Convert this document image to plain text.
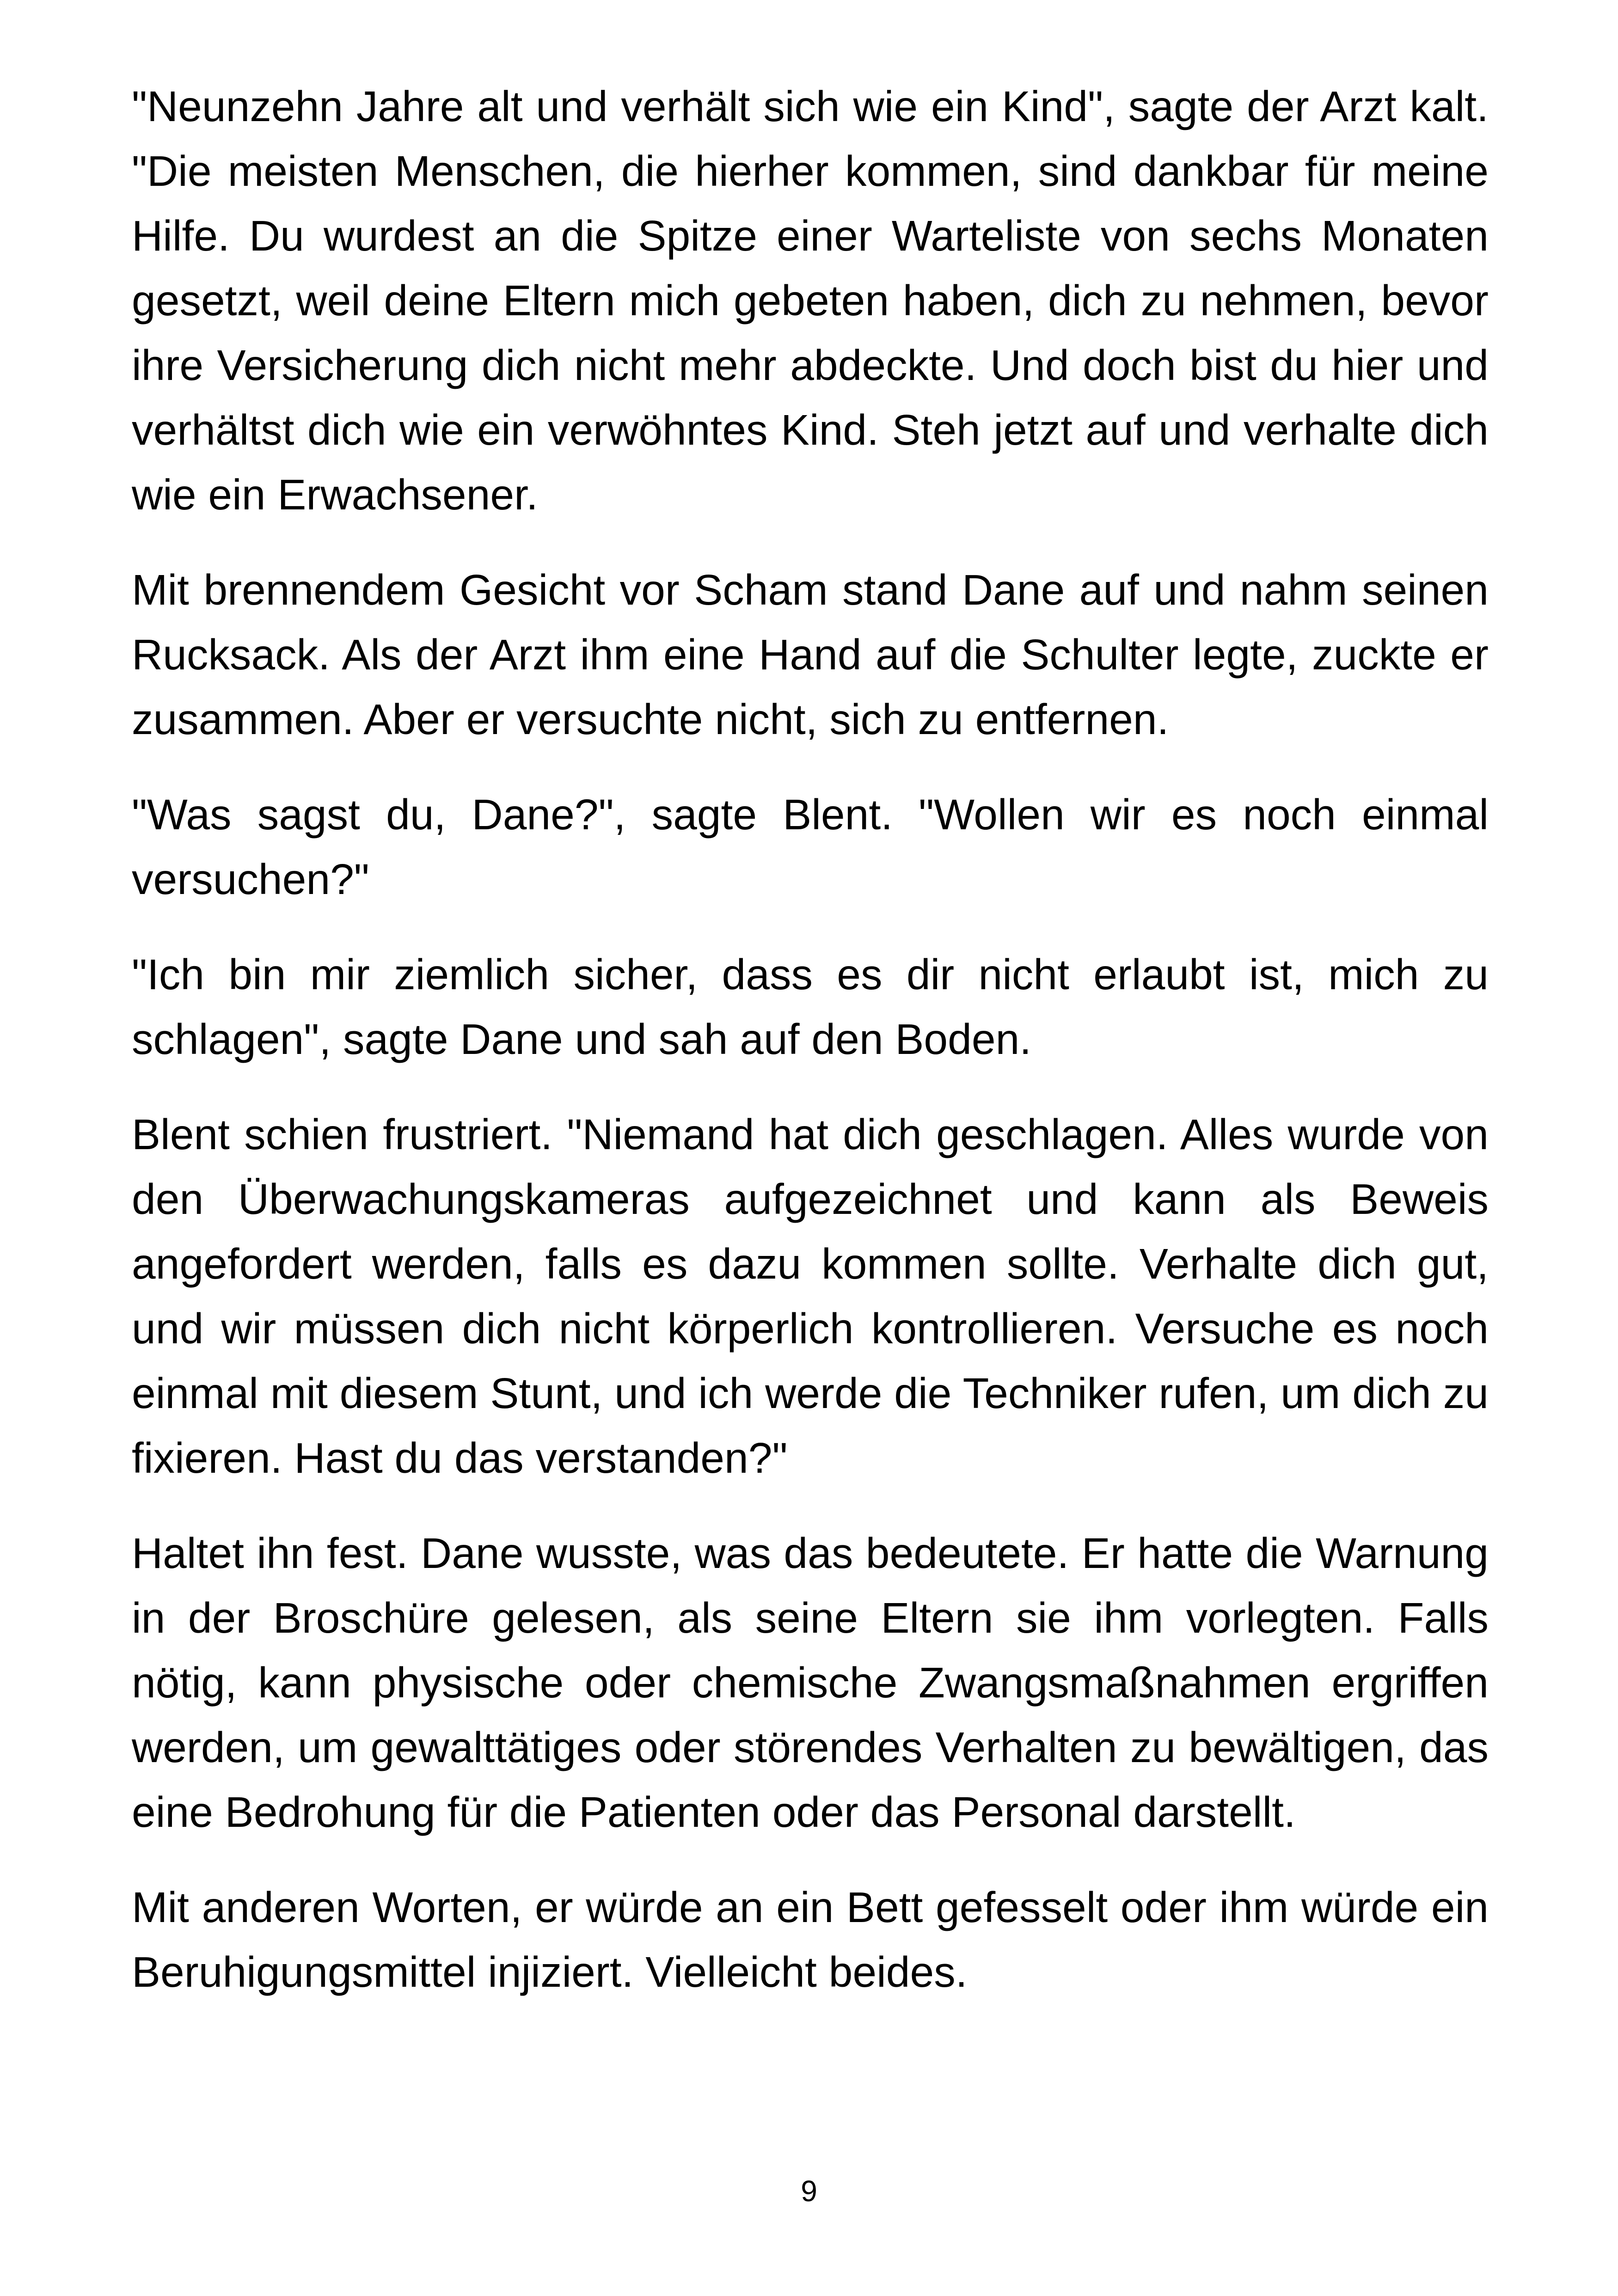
"Neunzehn Jahre alt und verhält sich wie ein Kind", sagte der Arzt kalt. "Die meisten Menschen, die hierher kommen, sind dankbar für meine Hilfe. Du wurdest an die Spitze einer Warteliste von sechs Monaten gesetzt, weil deine Eltern mich gebeten haben, dich zu nehmen, bevor ihre Versicherung dich nicht mehr abdeckte. Und doch bist du hier und verhältst dich wie ein verwöhntes Kind. Steh jetzt auf und verhalte dich wie ein Erwachsener.

Mit brennendem Gesicht vor Scham stand Dane auf und nahm seinen Rucksack. Als der Arzt ihm eine Hand auf die Schulter legte, zuckte er zusammen. Aber er versuchte nicht, sich zu entfernen.

"Was sagst du, Dane?", sagte Blent. "Wollen wir es noch einmal versuchen?"

"Ich bin mir ziemlich sicher, dass es dir nicht erlaubt ist, mich zu schlagen", sagte Dane und sah auf den Boden.

Blent schien frustriert. "Niemand hat dich geschlagen. Alles wurde von den Überwachungskameras aufgezeichnet und kann als Beweis angefordert werden, falls es dazu kommen sollte. Verhalte dich gut, und wir müssen dich nicht körperlich kontrollieren. Versuche es noch einmal mit diesem Stunt, und ich werde die Techniker rufen, um dich zu fixieren. Hast du das verstanden?"

Haltet ihn fest. Dane wusste, was das bedeutete. Er hatte die Warnung in der Broschüre gelesen, als seine Eltern sie ihm vorlegten. Falls nötig, kann physische oder chemische Zwangsmaßnahmen ergriffen werden, um gewalttätiges oder störendes Verhalten zu bewältigen, das eine Bedrohung für die Patienten oder das Personal darstellt.

Mit anderen Worten, er würde an ein Bett gefesselt oder ihm würde ein Beruhigungsmittel injiziert. Vielleicht beides.

9
